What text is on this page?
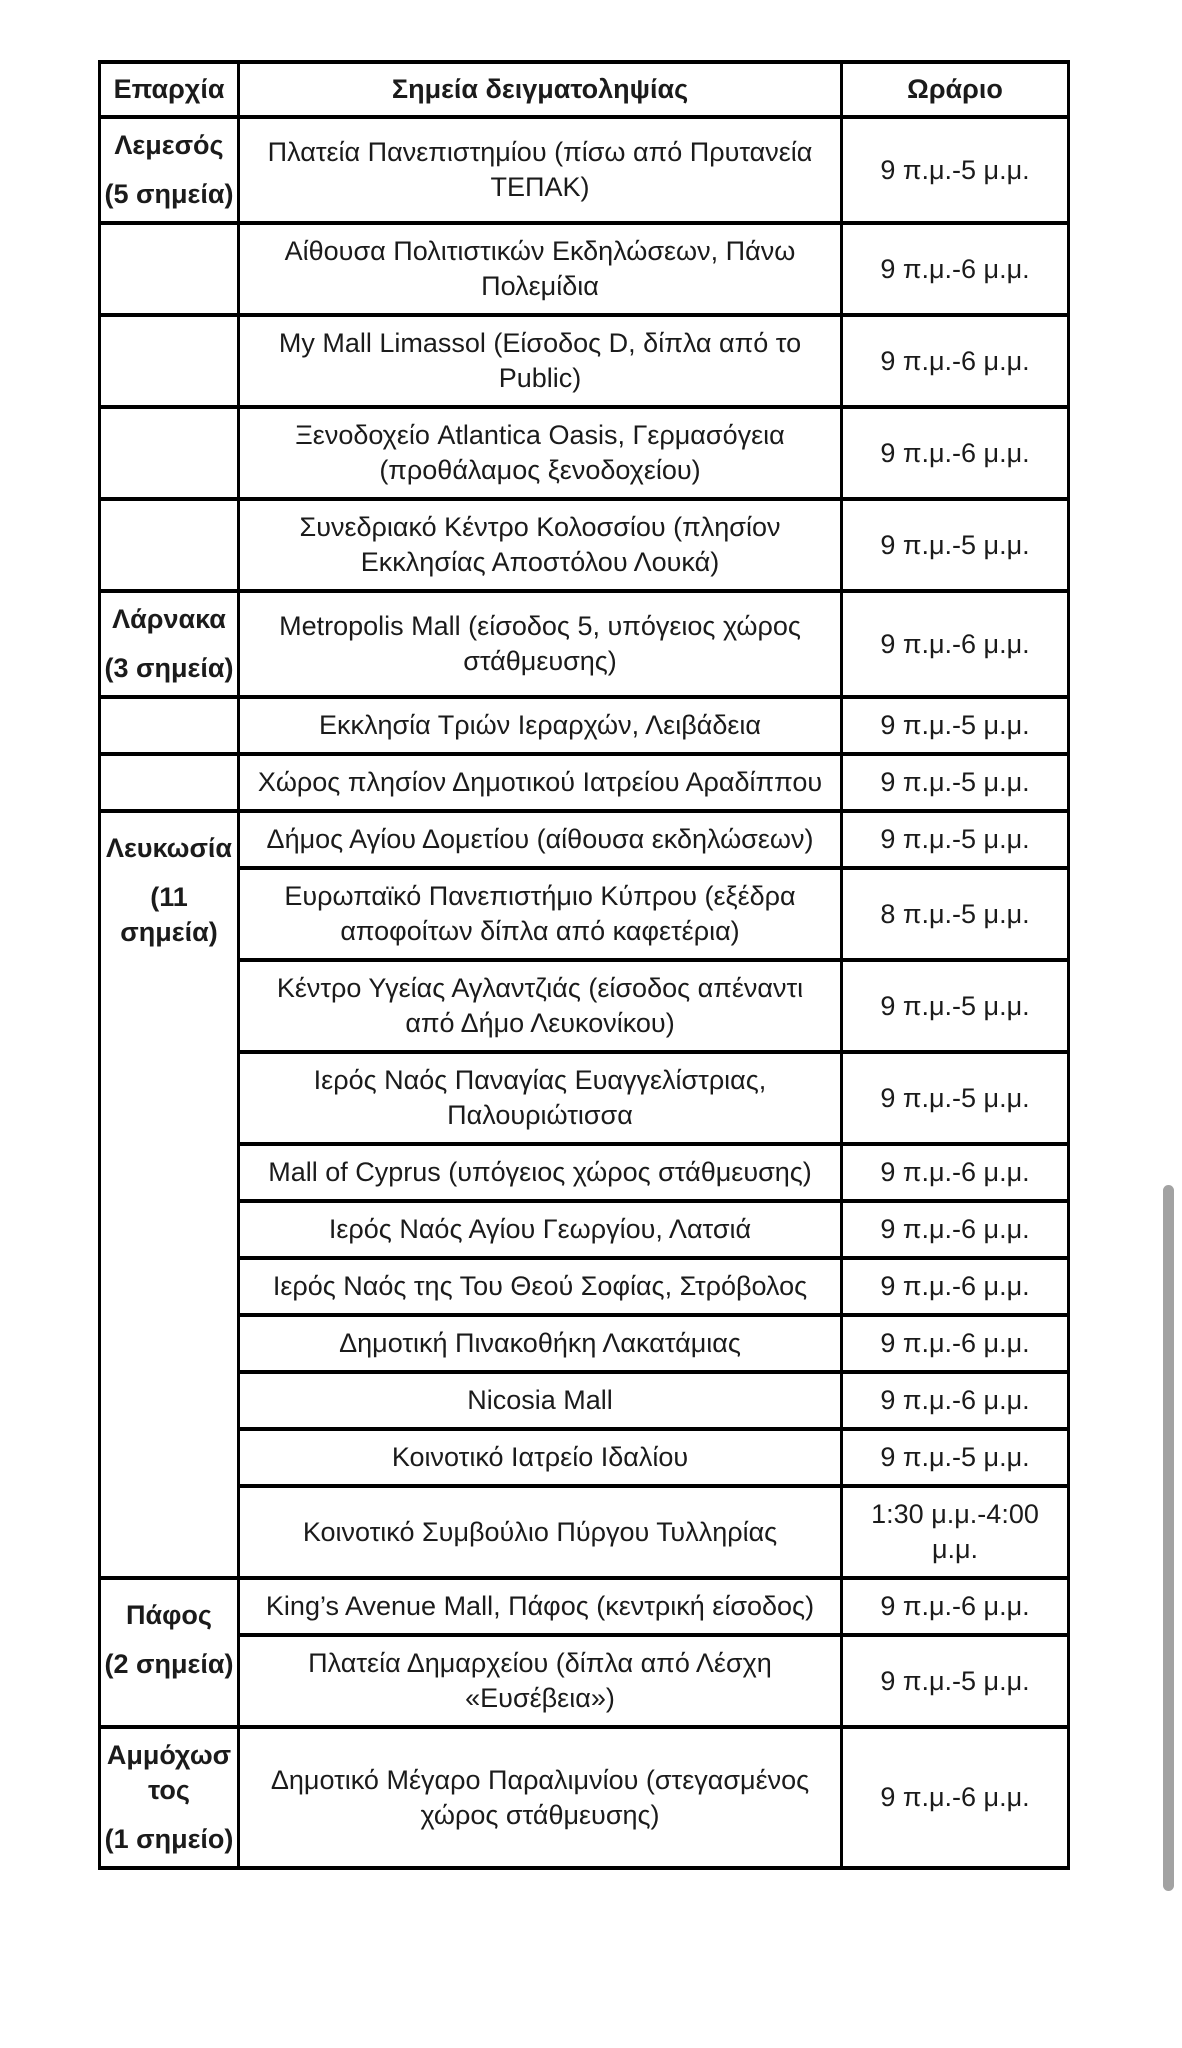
Επαρχία	Σημεία δειγματοληψίας	Ωράριο

Λεμεσός
(5 σημεία)	Πλατεία Πανεπιστημίου (πίσω από Πρυτανεία ΤΕΠΑΚ)	9 π.μ.-5 μ.μ.
	Αίθουσα Πολιτιστικών Εκδηλώσεων, Πάνω Πολεμίδια	9 π.μ.-6 μ.μ.
	My Mall Limassol (Είσοδος D, δίπλα από το Public)	9 π.μ.-6 μ.μ.
	Ξενοδοχείο Atlantica Oasis, Γερμασόγεια (προθάλαμος ξενοδοχείου)	9 π.μ.-6 μ.μ.
	Συνεδριακό Κέντρο Κολοσσίου (πλησίον Εκκλησίας Αποστόλου Λουκά)	9 π.μ.-5 μ.μ.

Λάρνακα
(3 σημεία)	Metropolis Mall (είσοδος 5, υπόγειος χώρος στάθμευσης)	9 π.μ.-6 μ.μ.
	Εκκλησία Τριών Ιεραρχών, Λειβάδεια	9 π.μ.-5 μ.μ.
	Χώρος πλησίον Δημοτικού Ιατρείου Αραδίππου	9 π.μ.-5 μ.μ.

Λευκωσία
(11 σημεία)	Δήμος Αγίου Δομετίου (αίθουσα εκδηλώσεων)	9 π.μ.-5 μ.μ.
	Ευρωπαϊκό Πανεπιστήμιο Κύπρου (εξέδρα αποφοίτων δίπλα από καφετέρια)	8 π.μ.-5 μ.μ.
	Κέντρο Υγείας Αγλαντζιάς (είσοδος απέναντι από Δήμο Λευκονίκου)	9 π.μ.-5 μ.μ.
	Ιερός Ναός Παναγίας Ευαγγελίστριας, Παλουριώτισσα	9 π.μ.-5 μ.μ.
	Mall of Cyprus (υπόγειος χώρος στάθμευσης)	9 π.μ.-6 μ.μ.
	Ιερός Ναός Αγίου Γεωργίου, Λατσιά	9 π.μ.-6 μ.μ.
	Ιερός Ναός της Του Θεού Σοφίας, Στρόβολος	9 π.μ.-6 μ.μ.
	Δημοτική Πινακοθήκη Λακατάμιας	9 π.μ.-6 μ.μ.
	Nicosia Mall	9 π.μ.-6 μ.μ.
	Κοινοτικό Ιατρείο Ιδαλίου	9 π.μ.-5 μ.μ.
	Κοινοτικό Συμβούλιο Πύργου Τυλληρίας	1:30 μ.μ.-4:00 μ.μ.

Πάφος
(2 σημεία)	King’s Avenue Mall, Πάφος (κεντρική είσοδος)	9 π.μ.-6 μ.μ.
	Πλατεία Δημαρχείου (δίπλα από Λέσχη «Ευσέβεια»)	9 π.μ.-5 μ.μ.

Αμμόχωστος
(1 σημείο)	Δημοτικό Μέγαρο Παραλιμνίου (στεγασμένος χώρος στάθμευσης)	9 π.μ.-6 μ.μ.
